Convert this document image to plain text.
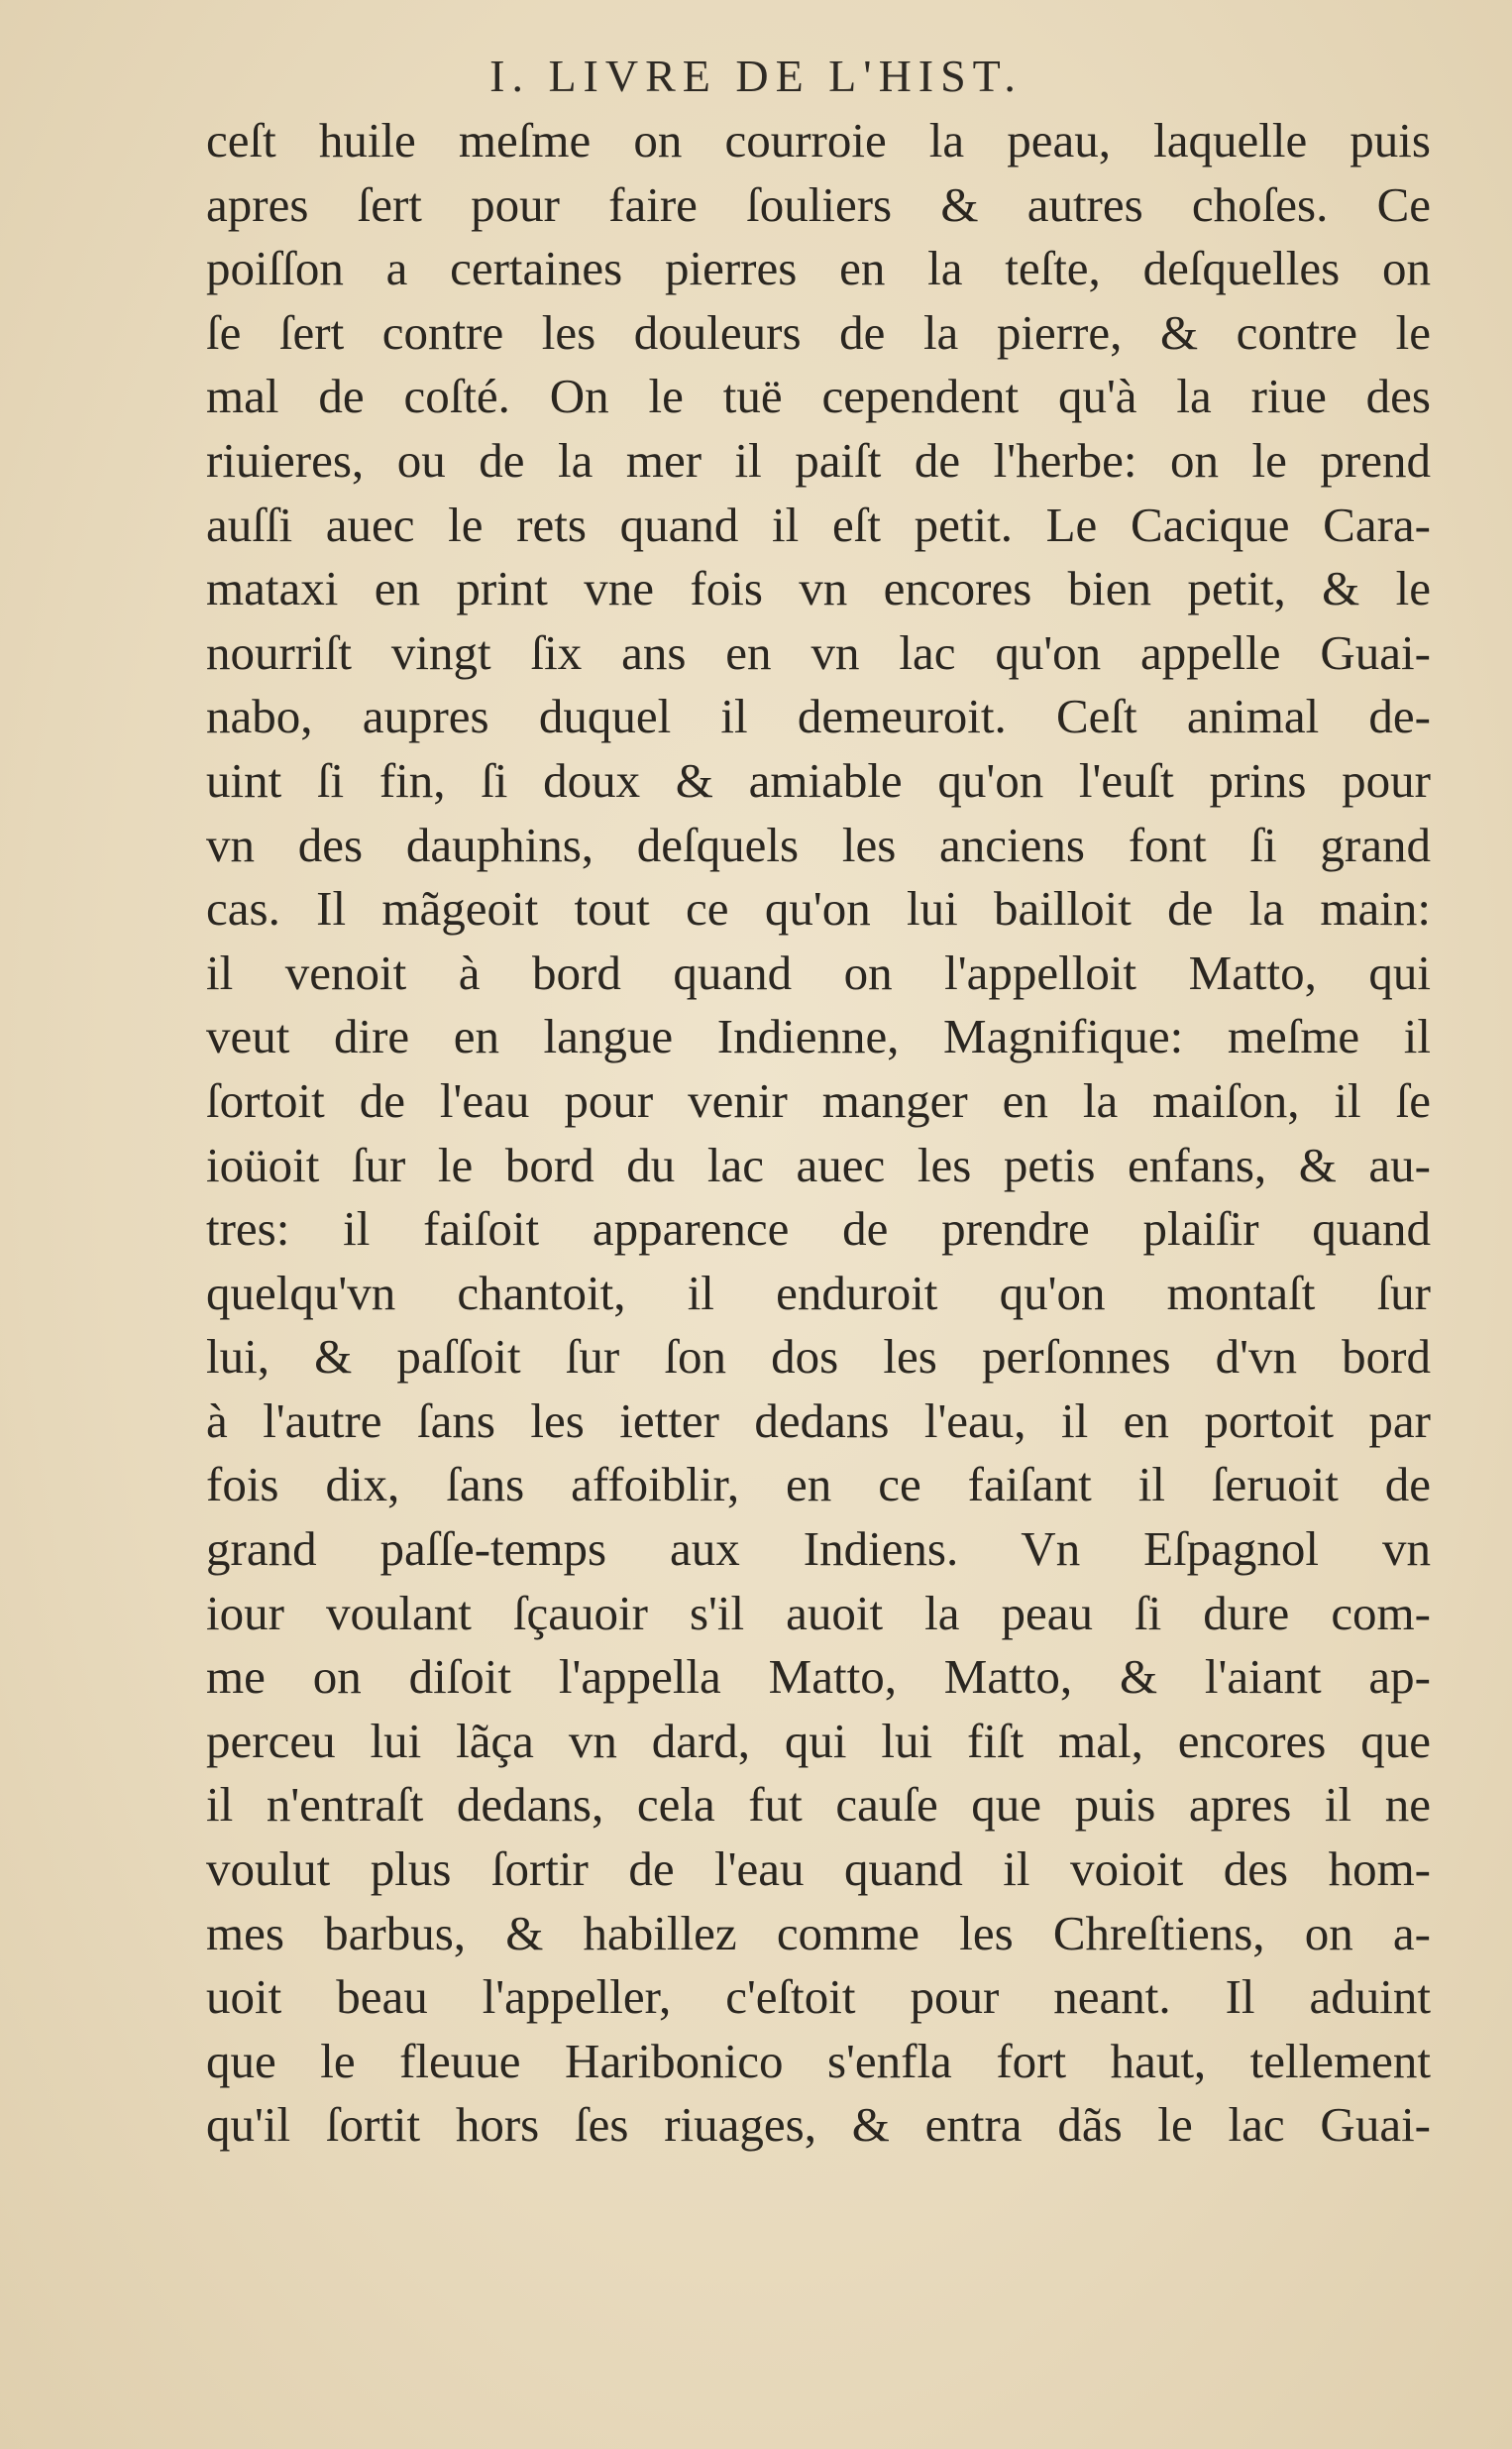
I. LIVRE DE L'HIST.
ceſt huile meſme on courroie la peau, laquelle puis
apres ſert pour faire ſouliers & autres choſes. Ce
poiſſon a certaines pierres en la teſte, deſquelles on
ſe ſert contre les douleurs de la pierre, & contre le
mal de coſté. On le tuë cependent qu'à la riue des
riuieres, ou de la mer il paiſt de l'herbe: on le prend
auſſi auec le rets quand il eſt petit. Le Cacique Cara-
mataxi en print vne fois vn encores bien petit, & le
nourriſt vingt ſix ans en vn lac qu'on appelle Guai-
nabo, aupres duquel il demeuroit. Ceſt animal de-
uint ſi fin, ſi doux & amiable qu'on l'euſt prins pour
vn des dauphins, deſquels les anciens font ſi grand
cas. Il mãgeoit tout ce qu'on lui bailloit de la main:
il venoit à bord quand on l'appelloit Matto, qui
veut dire en langue Indienne, Magnifique: meſme il
ſortoit de l'eau pour venir manger en la maiſon, il ſe
ioüoit ſur le bord du lac auec les petis enfans, & au-
tres: il faiſoit apparence de prendre plaiſir quand
quelqu'vn chantoit, il enduroit qu'on montaſt ſur
lui, & paſſoit ſur ſon dos les perſonnes d'vn bord
à l'autre ſans les ietter dedans l'eau, il en portoit par
fois dix, ſans affoiblir, en ce faiſant il ſeruoit de
grand paſſe-temps aux Indiens. Vn Eſpagnol vn
iour voulant ſçauoir s'il auoit la peau ſi dure com-
me on diſoit l'appella Matto, Matto, & l'aiant ap-
perceu lui lãça vn dard, qui lui fiſt mal, encores que
il n'entraſt dedans, cela fut cauſe que puis apres il ne
voulut plus ſortir de l'eau quand il voioit des hom-
mes barbus, & habillez comme les Chreſtiens, on a-
uoit beau l'appeller, c'eſtoit pour neant. Il aduint
que le fleuue Haribonico s'enfla fort haut, tellement
qu'il ſortit hors ſes riuages, & entra dãs le lac Guai-
